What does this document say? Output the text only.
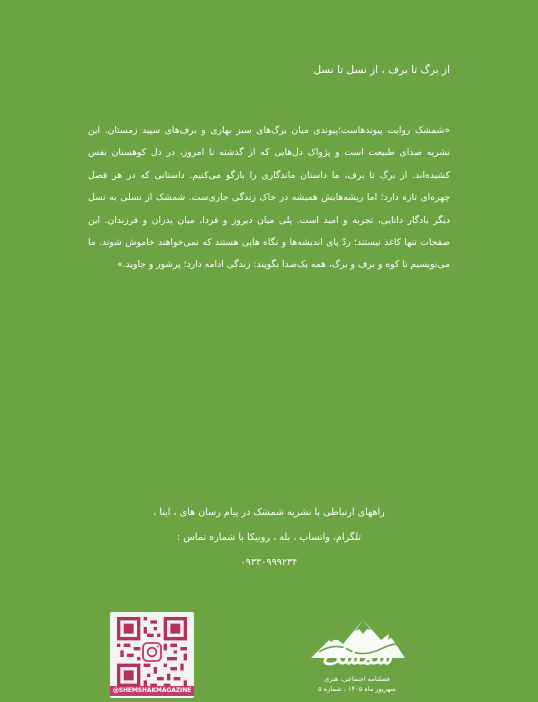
از برگ تا برف ، از نسل تا نسل
«شمشک روایت پیوندهاست؛پیوندی میان برگ‌های سبز بهاری و برف‌های سپید زمستان. این نشریه صدای طبیعت است و پژواک دل‌هایی که از گذشته تا امروز، در دل کوهستان نفس کشیده‌اند. از برگ تا برف، ما داستان ماندگاری را بازگو می‌کنیم. داستانی که در هر فصل چهره‌ای تازه دارد؛ اما ریشه‌هایش همیشه در خاک زندگی جاری‌ست. شمشک از نسلی به نسل دیگر یادگار دانایی، تجربه و امید است. پلی میان دیروز و فردا، میان پدران و فرزندان. این صفحات تنها کاغذ نیستند؛ ردّ پای اندیشه‌ها و نگاه هایی هستند که نمی‌خواهند خاموش شوند. ما می‌نویسیم تا کوه و برف و برگ، همه یک‌صدا بگویند: زندگی ادامه دارد؛ پرشور و جاوید.»
راههای ارتباطی با نشریه شمشک در پیام رسان های ، ایتا ،
تلگرام، واتساپ ، بله ، روبیکا با شماره تماس :
۰۹۳۳۰۹۹۹۲۳۴
@SHEMSHAKMAGAZINE
شمشک
فصلنامه اجتماعی، هنری
شهریور ماه ۱۴۰۵ ، شماره ۵
